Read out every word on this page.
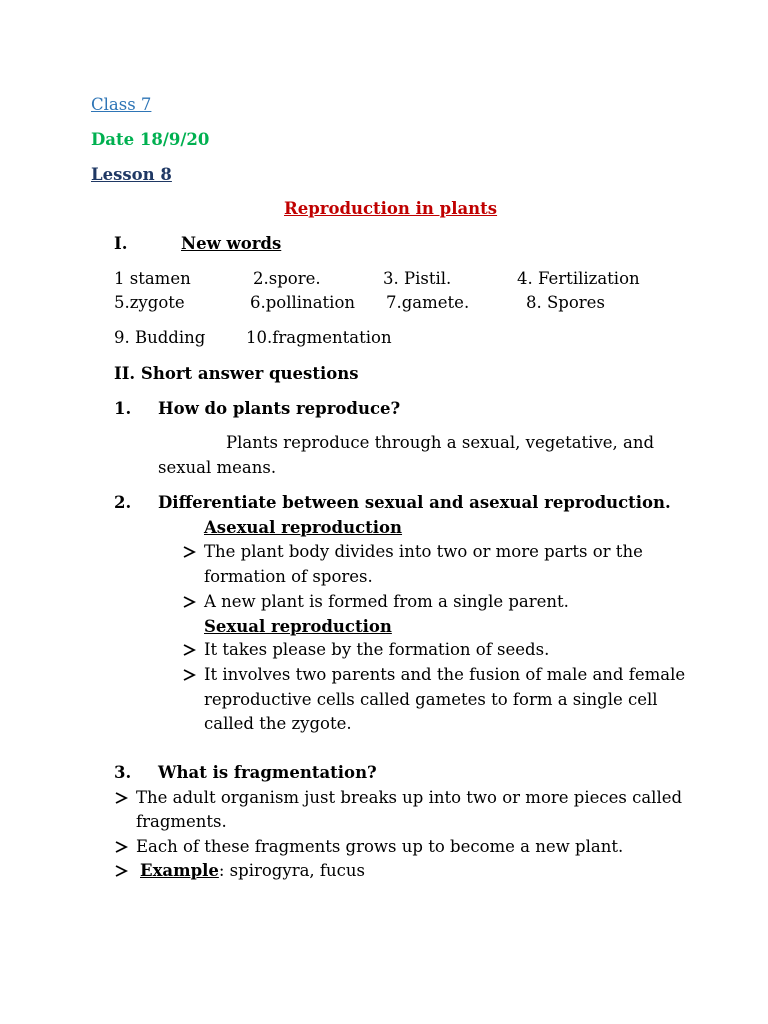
Class 7
Date 18/9/20
Lesson 8
Reproduction in plants
I.	New words
1 stamen	2.spore.	3. Pistil.	4. Fertilization
5.zygote	6.pollination 7.gamete.	8. Spores
9. Budding 10.fragmentation
II. Short answer questions
1. How do plants reproduce?
Plants reproduce through a sexual, vegetative, and
sexual means.
2. Differentiate between sexual and asexual reproduction.
Asexual reproduction
The plant body divides into two or more parts or the
formation of spores.
A new plant is formed from a single parent.
Sexual reproduction
It takes please by the formation of seeds.
It involves two parents and the fusion of male and female
reproductive cells called gametes to form a single cell
called the zygote.
3. What is fragmentation?
The adult organism just breaks up into two or more pieces called
fragments.
Each of these fragments grows up to become a new plant.
Example: spirogyra, fucus
